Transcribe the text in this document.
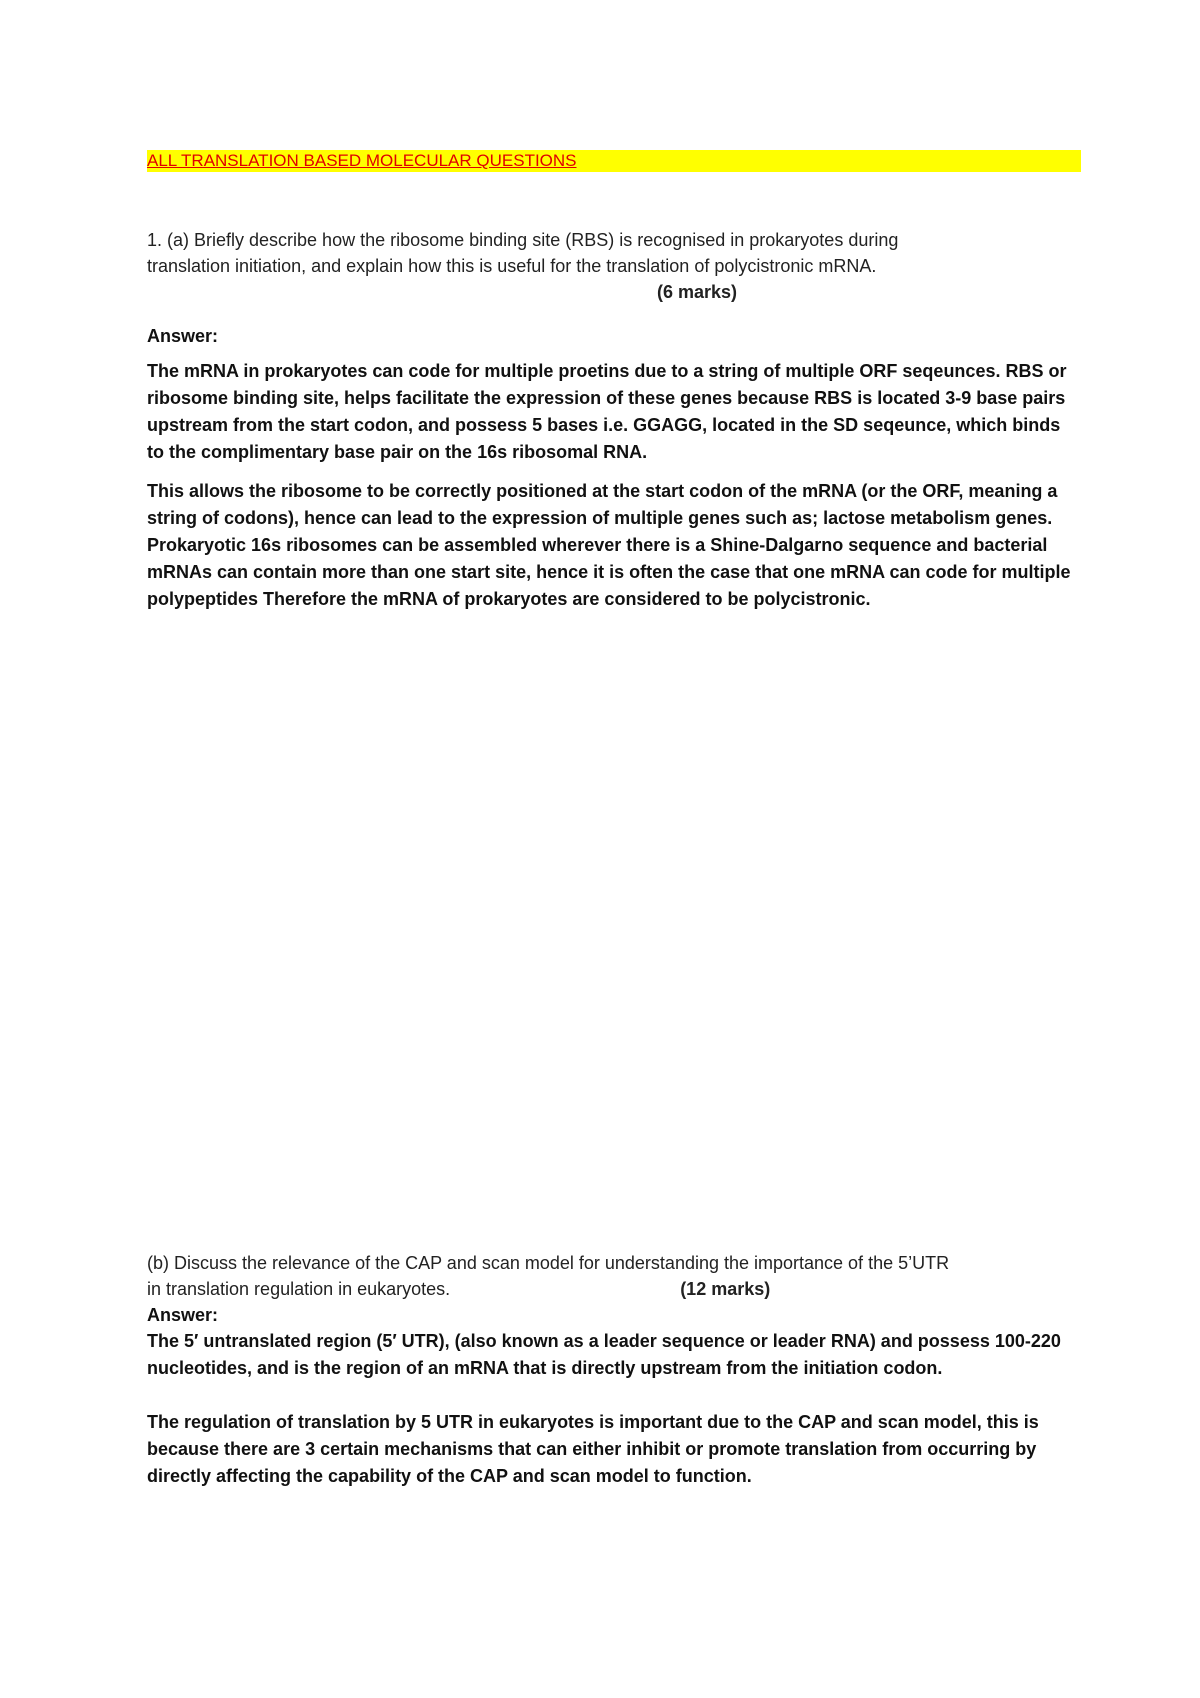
ALL TRANSLATION BASED MOLECULAR QUESTIONS
1. (a) Briefly describe how the ribosome binding site (RBS) is recognised in prokaryotes during
translation initiation, and explain how this is useful for the translation of polycistronic mRNA.
(6 marks)
Answer:

The mRNA in prokaryotes can code for multiple proetins due to a string of multiple ORF seqeunces. RBS or ribosome binding site, helps facilitate the expression of these genes because RBS is located 3-9 base pairs upstream from the start codon, and possess 5 bases i.e. GGAGG, located in the SD seqeunce, which binds to the complimentary base pair on the 16s ribosomal RNA.

This allows the ribosome to be correctly positioned at the start codon of the mRNA (or the ORF, meaning a string of codons), hence can lead to the expression of multiple genes such as; lactose metabolism genes. Prokaryotic 16s ribosomes can be assembled wherever there is a Shine-Dalgarno sequence and bacterial mRNAs can contain more than one start site, hence it is often the case that one mRNA can code for multiple polypeptides Therefore the mRNA of prokaryotes are considered to be polycistronic.

(b) Discuss the relevance of the CAP and scan model for understanding the importance of the 5’UTR
in translation regulation in eukaryotes.	(12 marks)
Answer:

The 5′ untranslated region (5′ UTR), (also known as a leader sequence or leader RNA) and possess 100-220 nucleotides, and is the region of an mRNA that is directly upstream from the initiation codon.

The regulation of translation by 5 UTR in eukaryotes is important due to the CAP and scan model, this is because there are 3 certain mechanisms that can either inhibit or promote translation from occurring by directly affecting the capability of the CAP and scan model to function.
